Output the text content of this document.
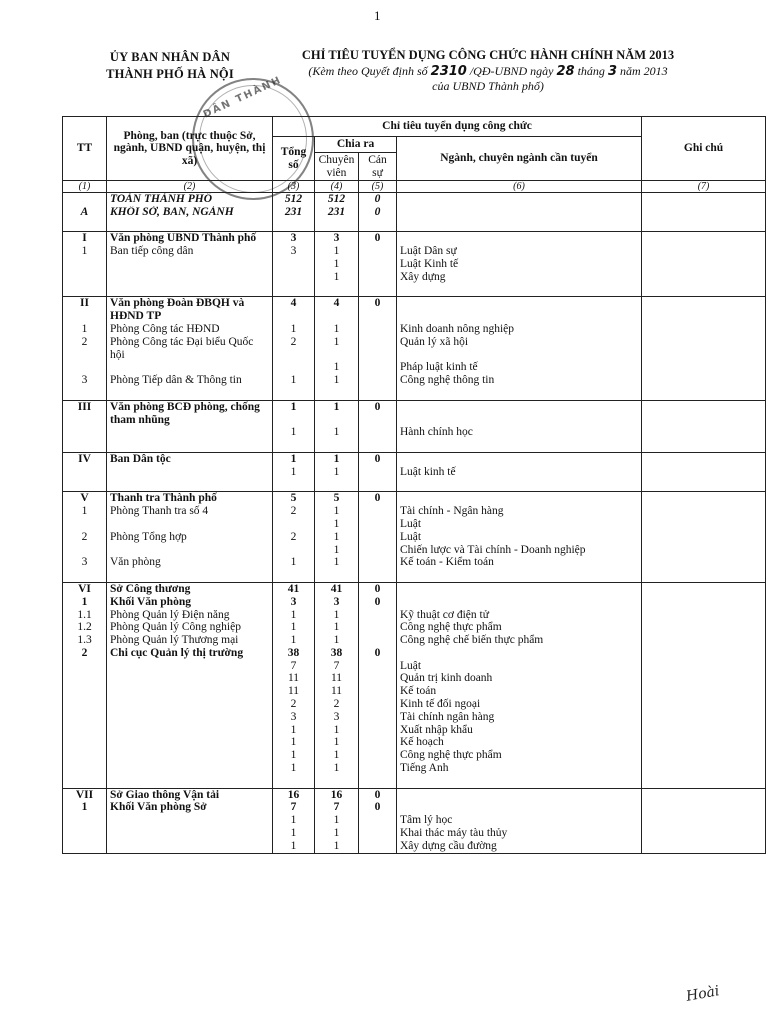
1
ỦY BAN NHÂN DÂN
THÀNH PHỐ HÀ NỘI
CHỈ TIÊU TUYỂN DỤNG CÔNG CHỨC HÀNH CHÍNH NĂM 2013
(Kèm theo Quyết định số 2310 /QĐ-UBND ngày 28 tháng 3 năm 2013
của UBND Thành phố)
DÂN THÀNH
TT	Phòng, ban (trực thuộc Sở, ngành, UBND quận, huyện, thị xã)	Chỉ tiêu tuyển dụng công chức				Ghi chú
		Tổng số	Chia ra		Ngành, chuyên ngành cần tuyển	
			Chuyên viên	Cán sự		
(1)	(2)	(3)	(4)	(5)	(6)	(7)
	TOÀN THÀNH PHỐ	512	512	0		
A	KHỐI SỞ, BAN, NGÀNH	231	231	0		

I	Văn phòng UBND Thành phố	3	3	0		
1	Ban tiếp công dân	3	1		Luật Dân sự	
			1		Luật Kinh tế	
			1		Xây dựng	

II	Văn phòng Đoàn ĐBQH và	4	4	0		
	HĐND TP					
1	Phòng Công tác HĐND	1	1		Kinh doanh nông nghiệp	
2	Phòng Công tác Đại biểu Quốc	2	1		Quản lý xã hội	
	hội					
			1		Pháp luật kinh tế	
3	Phòng Tiếp dân & Thông tin	1	1		Công nghệ thông tin	

III	Văn phòng BCĐ phòng, chống	1	1	0		
	tham nhũng					
		1	1		Hành chính học	

IV	Ban Dân tộc	1	1	0		
		1	1		Luật kinh tế	

V	Thanh tra Thành phố	5	5	0		
1	Phòng Thanh tra số 4	2	1		Tài chính - Ngân hàng	
			1		Luật	
2	Phòng Tổng hợp	2	1		Luật	
			1		Chiến lược và Tài chính - Doanh nghiệp	
3	Văn phòng	1	1		Kế toán - Kiểm toán	

VI	Sở Công thương	41	41	0		
1	Khối Văn phòng	3	3	0		
1.1	Phòng Quản lý Điện năng	1	1		Kỹ thuật cơ điện tử	
1.2	Phòng Quản lý Công nghiệp	1	1		Công nghệ thực phẩm	
1.3	Phòng Quản lý Thương mại	1	1		Công nghệ chế biến thực phẩm	
2	Chi cục Quản lý thị trường	38	38	0		
		7	7		Luật	
		11	11		Quản trị kinh doanh	
		11	11		Kế toán	
		2	2		Kinh tế đối ngoại	
		3	3		Tài chính ngân hàng	
		1	1		Xuất nhập khẩu	
		1	1		Kế hoạch	
		1	1		Công nghệ thực phẩm	
		1	1		Tiếng Anh	

VII	Sở Giao thông Vận tải	16	16	0		
1	Khối Văn phòng Sở	7	7	0		
		1	1		Tâm lý học	
		1	1		Khai thác máy tàu thủy	
		1	1		Xây dựng cầu đường	
Hoài
